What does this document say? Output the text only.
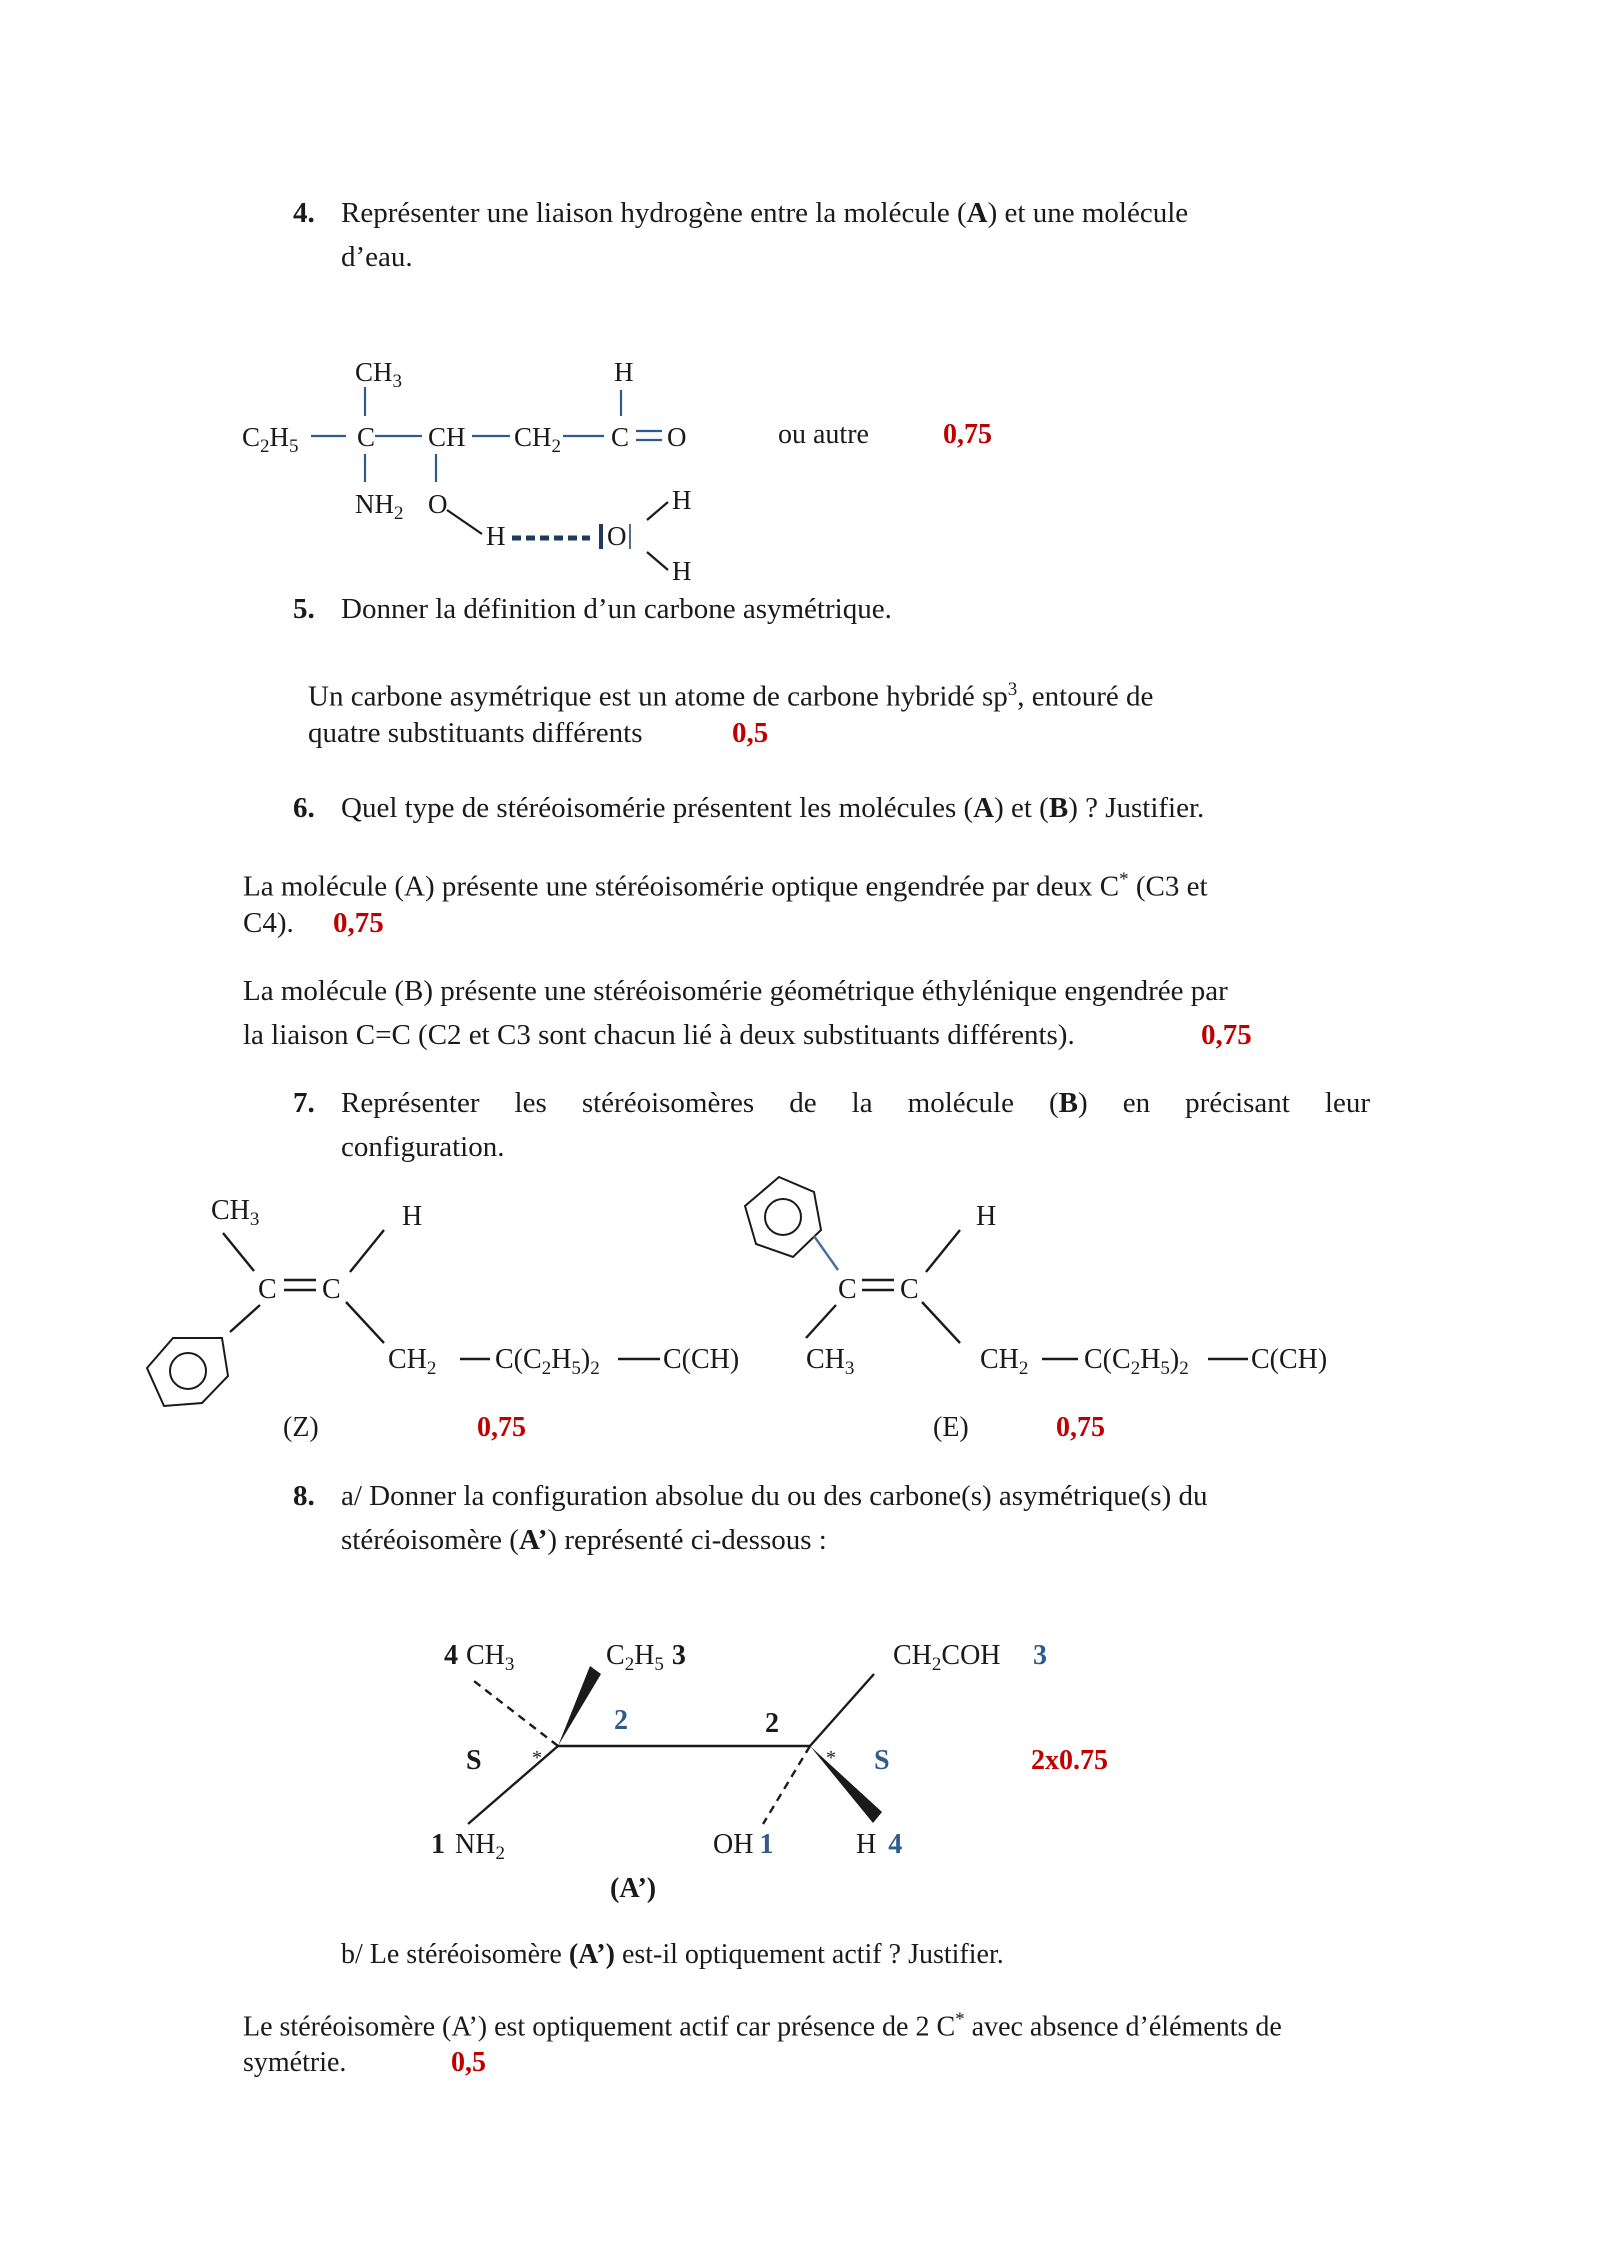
4. Représenter une liaison hydrogène entre la molécule (A) et une molécule
d’eau.
$CH_3$	H
$C_2H_5$ C CH $CH_2$ C O
$NH_2$ O
H	O
H
H
ou autre	0,75
5. Donner la définition d’un carbone asymétrique.
Un carbone asymétrique est un atome de carbone hybridé $sp^3$, entouré de
quatre substituants différents	0,5
6. Quel type de stéréoisomérie présentent les molécules (A) et (B) ? Justifier.
La molécule (A) présente une stéréoisomérie optique engendrée par deux C* (C3 et
C4). 0,75
La molécule (B) présente une stéréoisomérie géométrique éthylénique engendrée par
la liaison C=C (C2 et C3 sont chacun lié à deux substituants différents).	0,75
7. Représenter les stéréoisomères de la molécule (B) en précisant leur
configuration.
$CH_3$	H
C C
$CH_2$ $C(C_2H_5)_2$ C(CH)
H
C C
$CH_3$	$CH_2$ $C(C_2H_5)_2$ C(CH)
(Z)	0,75	(E)	0,75
8. a/ Donner la configuration absolue du ou des carbone(s) asymétrique(s) du
stéréoisomère (A’) représenté ci-dessous :
4 $CH_3$	$C_2H_5$ 3	$CH_2COH$ 3
2	2
S	*	* S	2x0.75
1 $NH_2$	OH 1	H 4
(A’)
b/ Le stéréoisomère (A’) est-il optiquement actif ? Justifier.
Le stéréoisomère (A’) est optiquement actif car présence de 2 C* avec absence d’éléments de
symétrie.	0,5
